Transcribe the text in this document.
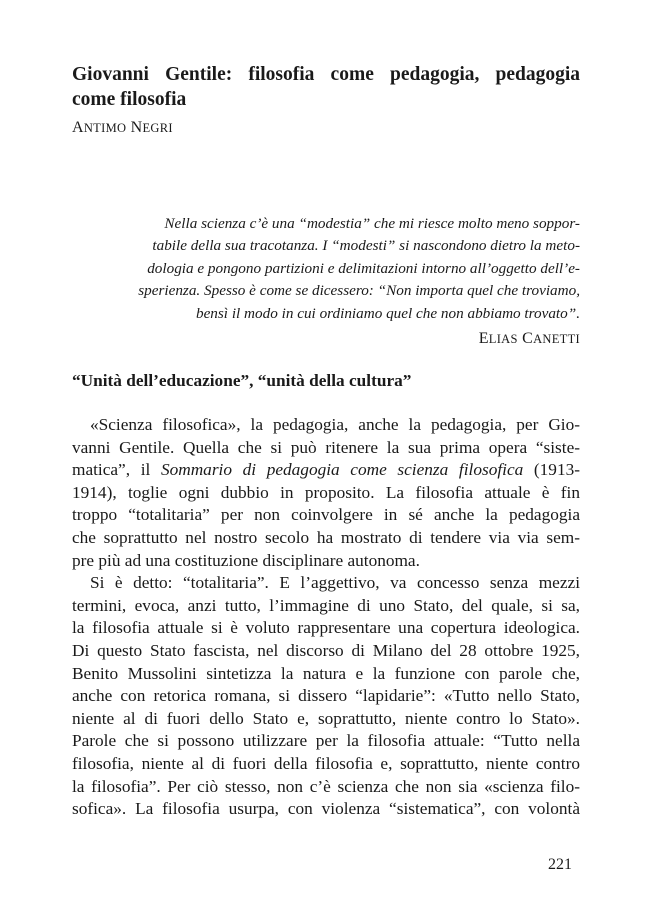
Giovanni Gentile: filosofia come pedagogia, pedagogia
come filosofia
ANTIMO NEGRI
Nella scienza c’è una “modestia” che mi riesce molto meno soppor-
tabile della sua tracotanza. I “modesti” si nascondono dietro la meto-
dologia e pongono partizioni e delimitazioni intorno all’oggetto dell’e-
sperienza. Spesso è come se dicessero: “Non importa quel che troviamo,
bensì il modo in cui ordiniamo quel che non abbiamo trovato”.
ELIAS CANETTI
“Unità dell’educazione”, “unità della cultura”
«Scienza filosofica», la pedagogia, anche la pedagogia, per Gio-
vanni Gentile. Quella che si può ritenere la sua prima opera “siste-
matica”, il Sommario di pedagogia come scienza filosofica (1913-
1914), toglie ogni dubbio in proposito. La filosofia attuale è fin
troppo “totalitaria” per non coinvolgere in sé anche la pedagogia
che soprattutto nel nostro secolo ha mostrato di tendere via via sem-
pre più ad una costituzione disciplinare autonoma.
Si è detto: “totalitaria”. E l’aggettivo, va concesso senza mezzi
termini, evoca, anzi tutto, l’immagine di uno Stato, del quale, si sa,
la filosofia attuale si è voluto rappresentare una copertura ideologica.
Di questo Stato fascista, nel discorso di Milano del 28 ottobre 1925,
Benito Mussolini sintetizza la natura e la funzione con parole che,
anche con retorica romana, si dissero “lapidarie”: «Tutto nello Stato,
niente al di fuori dello Stato e, soprattutto, niente contro lo Stato».
Parole che si possono utilizzare per la filosofia attuale: “Tutto nella
filosofia, niente al di fuori della filosofia e, soprattutto, niente contro
la filosofia”. Per ciò stesso, non c’è scienza che non sia «scienza filo-
sofica». La filosofia usurpa, con violenza “sistematica”, con volontà
221
